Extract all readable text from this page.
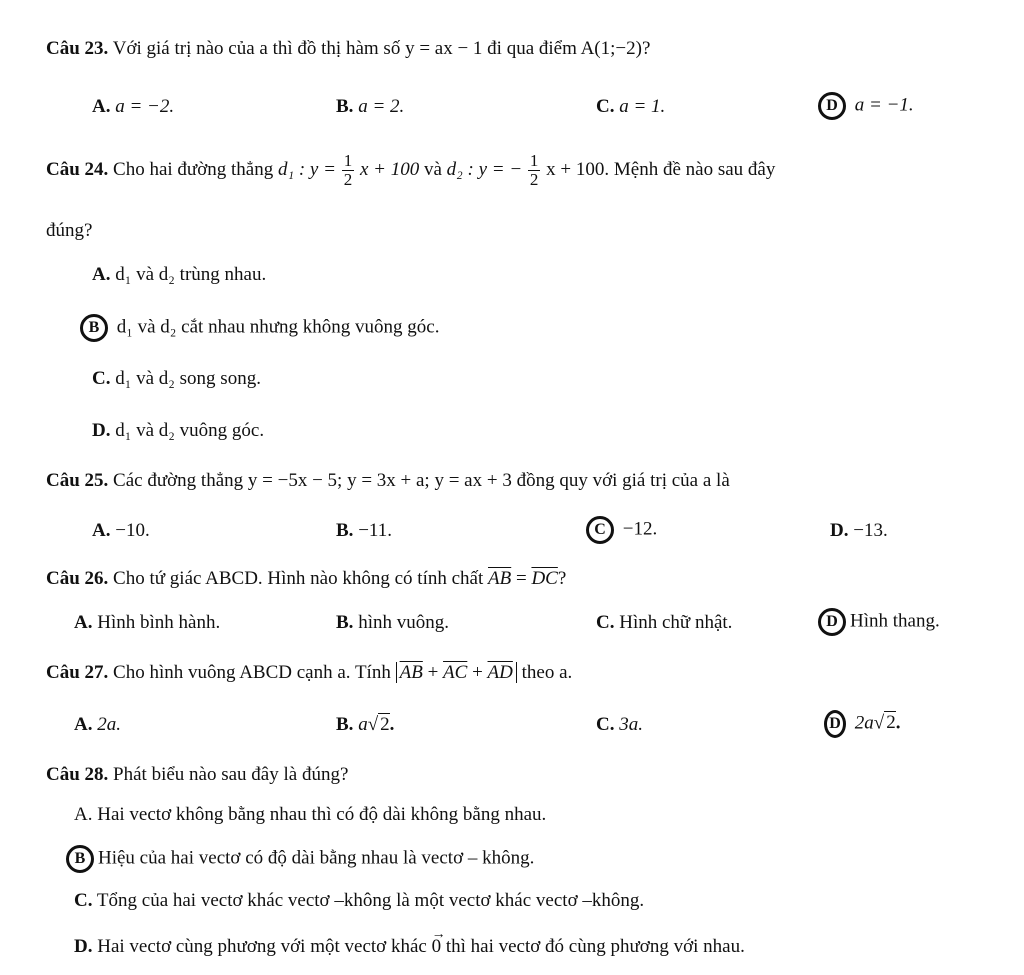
Câu 23. Với giá trị nào của a thì đồ thị hàm số y = ax − 1 đi qua điểm A(1;−2)?
A. a = −2.	B. a = 2.	C. a = 1.	D a = −1.
Câu 24. Cho hai đường thẳng d₁ : $y = \frac{1}{2}$ x + 100 và d₂ : y = − $\frac{1}{2}$ x + 100. Mệnh đề nào sau đây
đúng?
A. d₁ và d₂ trùng nhau.
B d₁ và d₂ cắt nhau nhưng không vuông góc.
C. d₁ và d₂ song song.
D. d₁ và d₂ vuông góc.
Câu 25. Các đường thẳng y = −5x − 5; y = 3x + a; y = ax + 3 đồng quy với giá trị của a là
A. −10.	B. −11.	C −12.	D. −13.
Câu 26. Cho tứ giác ABCD. Hình nào không có tính chất $\overline{AB} = \overline{DC}$?
A. Hình bình hành.	B. hình vuông.	C. Hình chữ nhật.	D Hình thang.
Câu 27. Cho hình vuông ABCD cạnh a. Tính $\overline{AB} + \overline{AC} + \overline{AD}$ theo a.
A. 2a.	B. a√ 2.	C. 3a.	D 2a√ 2.
Câu 28. Phát biểu nào sau đây là đúng?
A. Hai vectơ không bằng nhau thì có độ dài không bằng nhau.
B Hiệu của hai vectơ có độ dài bằng nhau là vectơ – không.
C. Tổng của hai vectơ khác vectơ –không là một vectơ khác vectơ –không.
D. Hai vectơ cùng phương với một vectơ khác
→
0 thì hai vectơ đó cùng phương với nhau.
